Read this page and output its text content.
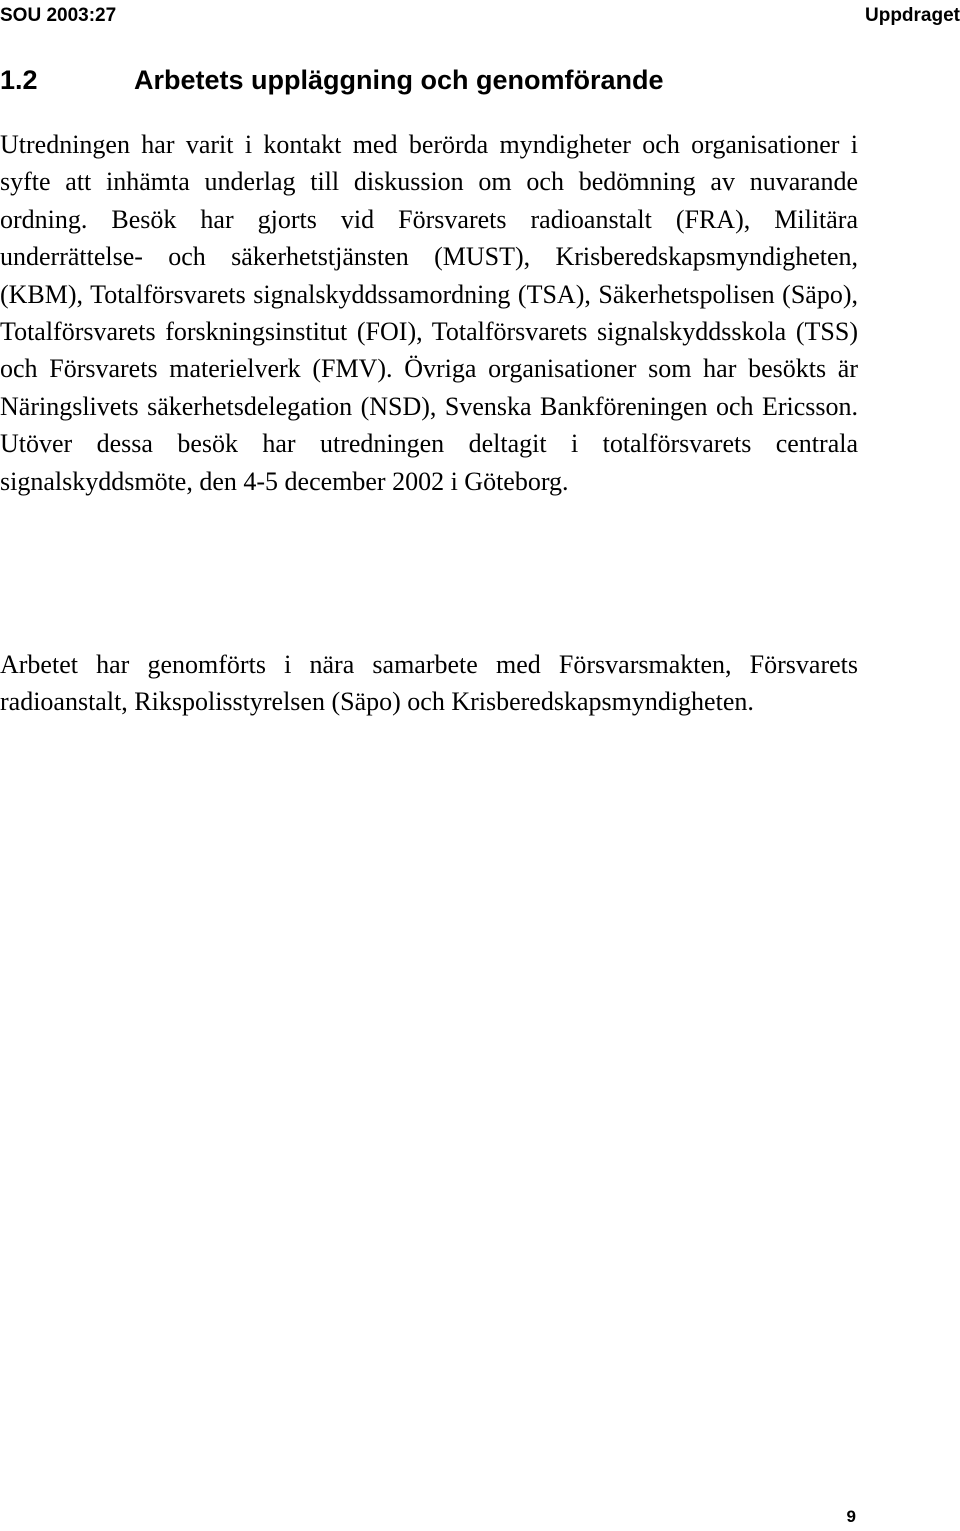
SOU 2003:27	Uppdraget
1.2	Arbetets uppläggning och genomförande

Utredningen har varit i kontakt med berörda myndigheter och organisationer i syfte att inhämta underlag till diskussion om och bedömning av nuvarande ordning. Besök har gjorts vid Försvarets radioanstalt (FRA), Militära underrättelse- och säkerhetstjänsten (MUST), Krisberedskapsmyndigheten, (KBM), Totalförsvarets signalskyddssamordning (TSA), Säkerhetspolisen (Säpo), Totalförsvarets forskningsinstitut (FOI), Totalförsvarets signalskyddsskola (TSS) och Försvarets materielverk (FMV). Övriga organisationer som har besökts är Näringslivets säkerhetsdelegation (NSD), Svenska Bankföreningen och Ericsson. Utöver dessa besök har utredningen deltagit i totalförsvarets centrala signalskyddsmöte, den 4-5 december 2002 i Göteborg.

Arbetet har genomförts i nära samarbete med Försvarsmakten, Försvarets radioanstalt, Rikspolisstyrelsen (Säpo) och Krisberedskapsmyndigheten.

9
